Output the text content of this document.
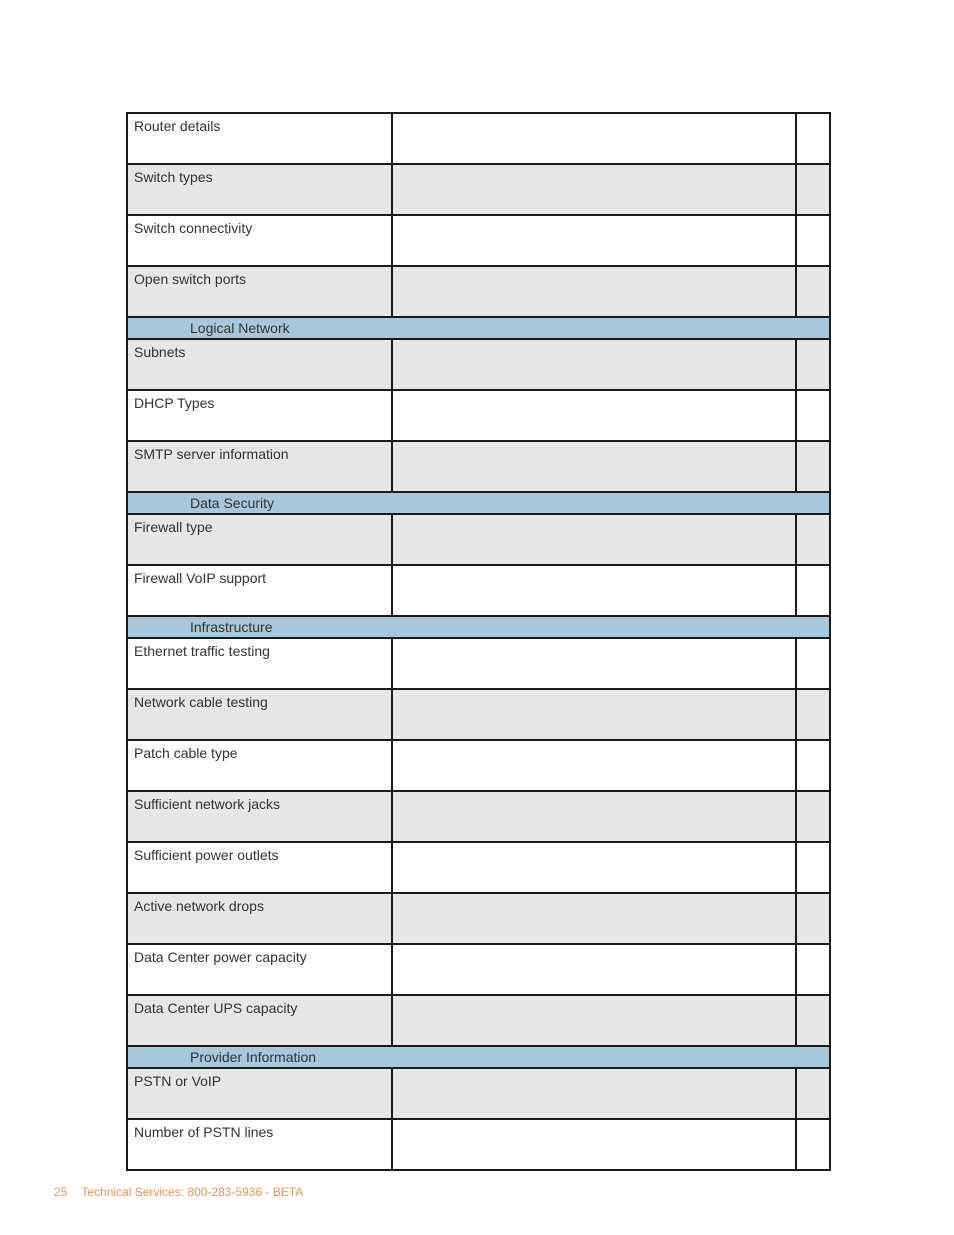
Router details		
Switch types		
Switch connectivity		
Open switch ports		
Logical Network		
Subnets		
DHCP Types		
SMTP server information		
Data Security		
Firewall type		
Firewall VoIP support		
Infrastructure		
Ethernet traffic testing		
Network cable testing		
Patch cable type		
Sufficient network jacks		
Sufficient power outlets		
Active network drops		
Data Center power capacity		
Data Center UPS capacity		
Provider Information		
PSTN or VoIP		
Number of PSTN lines		
25 Technical Services: 800-283-5936 - BETA
